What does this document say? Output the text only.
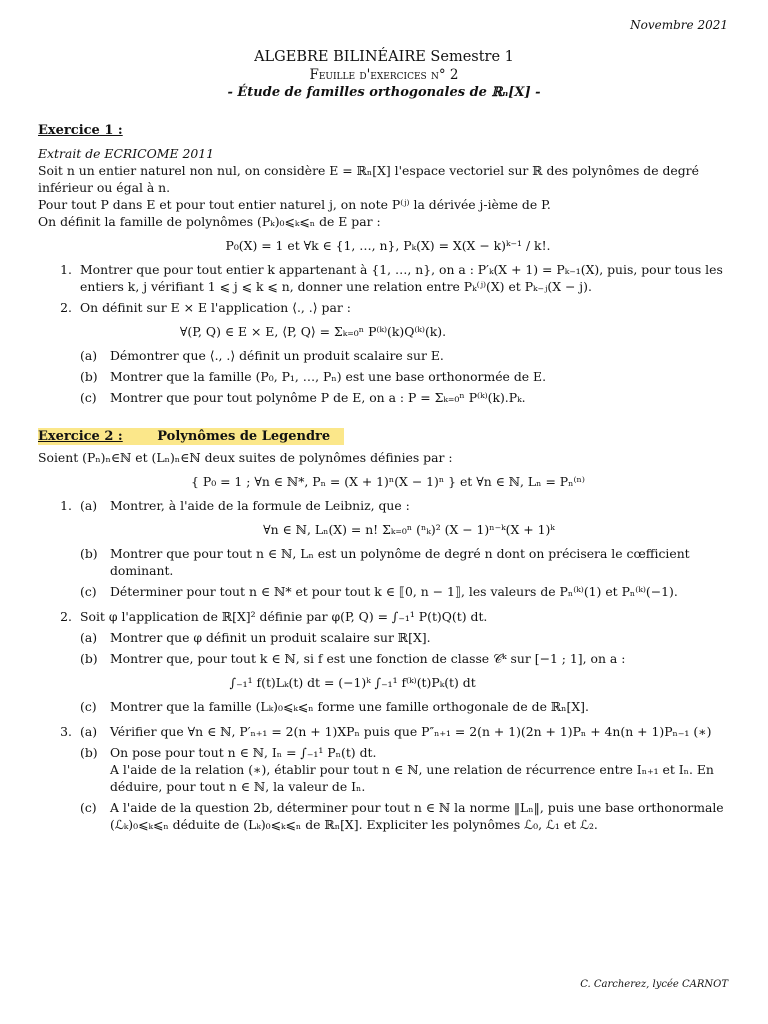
Novembre 2021
ALGEBRE BILINÉAIRE Semestre 1
Feuille d'exercices n° 2
- Étude de familles orthogonales de ℝₙ[X] -
Exercice 1 :

Extrait de ECRICOME 2011

Soit n un entier naturel non nul, on considère E = ℝₙ[X] l'espace vectoriel sur ℝ des polynômes de degré inférieur ou égal à n.

Pour tout P dans E et pour tout entier naturel j, on note P⁽ʲ⁾ la dérivée j-ième de P.

On définit la famille de polynômes (Pₖ)₀⩽ₖ⩽ₙ de E par :

P₀(X) = 1 et ∀k ∈ {1, …, n}, Pₖ(X) = X(X − k)ᵏ⁻¹ / k!.
1. Montrer que pour tout entier k appartenant à {1, …, n}, on a : P′ₖ(X + 1) = Pₖ₋₁(X), puis, pour tous les entiers k, j vérifiant 1 ⩽ j ⩽ k ⩽ n, donner une relation entre Pₖ⁽ʲ⁾(X) et Pₖ₋ⱼ(X − j).
2. On définit sur E × E l'application ⟨., .⟩ par :
∀(P, Q) ∈ E × E, ⟨P, Q⟩ = Σₖ₌₀ⁿ P⁽ᵏ⁾(k)Q⁽ᵏ⁾(k).
(a)	Démontrer que ⟨., .⟩ définit un produit scalaire sur E.
(b) Montrer que la famille (P₀, P₁, …, Pₙ) est une base orthonormée de E.
(c)	Montrer que pour tout polynôme P de E, on a : P = Σₖ₌₀ⁿ P⁽ᵏ⁾(k).Pₖ.
Exercice 2 :	Polynômes de Legendre

Soient (Pₙ)ₙ∈ℕ et (Lₙ)ₙ∈ℕ deux suites de polynômes définies par :

{ P₀ = 1 ; ∀n ∈ ℕ*, Pₙ = (X + 1)ⁿ(X − 1)ⁿ } et ∀n ∈ ℕ, Lₙ = Pₙ⁽ⁿ⁾
1. (a)	Montrer, à l'aide de la formule de Leibniz, que :
∀n ∈ ℕ, Lₙ(X) = n! Σₖ₌₀ⁿ (ⁿₖ)² (X − 1)ⁿ⁻ᵏ(X + 1)ᵏ
(b) Montrer que pour tout n ∈ ℕ, Lₙ est un polynôme de degré n dont on précisera le cœfficient dominant.
(c)	Déterminer pour tout n ∈ ℕ* et pour tout k ∈ ⟦0, n − 1⟧, les valeurs de Pₙ⁽ᵏ⁾(1) et Pₙ⁽ᵏ⁾(−1).
2. Soit φ l'application de ℝ[X]² définie par φ(P, Q) = ∫₋₁¹ P(t)Q(t) dt.
(a)	Montrer que φ définit un produit scalaire sur ℝ[X].
(b) Montrer que, pour tout k ∈ ℕ, si f est une fonction de classe 𝒞ᵏ sur [−1 ; 1], on a :
∫₋₁¹ f(t)Lₖ(t) dt = (−1)ᵏ ∫₋₁¹ f⁽ᵏ⁾(t)Pₖ(t) dt
(c)	Montrer que la famille (Lₖ)₀⩽ₖ⩽ₙ forme une famille orthogonale de de ℝₙ[X].
3. (a)	Vérifier que ∀n ∈ ℕ, P′ₙ₊₁ = 2(n + 1)XPₙ puis que P″ₙ₊₁ = 2(n + 1)(2n + 1)Pₙ + 4n(n + 1)Pₙ₋₁ (∗)
(b) On pose pour tout n ∈ ℕ, Iₙ = ∫₋₁¹ Pₙ(t) dt.
A l'aide de la relation (∗), établir pour tout n ∈ ℕ, une relation de récurrence entre Iₙ₊₁ et Iₙ. En déduire, pour tout n ∈ ℕ, la valeur de Iₙ.
(c)	A l'aide de la question 2b, déterminer pour tout n ∈ ℕ la norme ‖Lₙ‖, puis une base orthonormale (ℒₖ)₀⩽ₖ⩽ₙ déduite de (Lₖ)₀⩽ₖ⩽ₙ de ℝₙ[X]. Expliciter les polynômes ℒ₀, ℒ₁ et ℒ₂.
C. Carcherez, lycée CARNOT
